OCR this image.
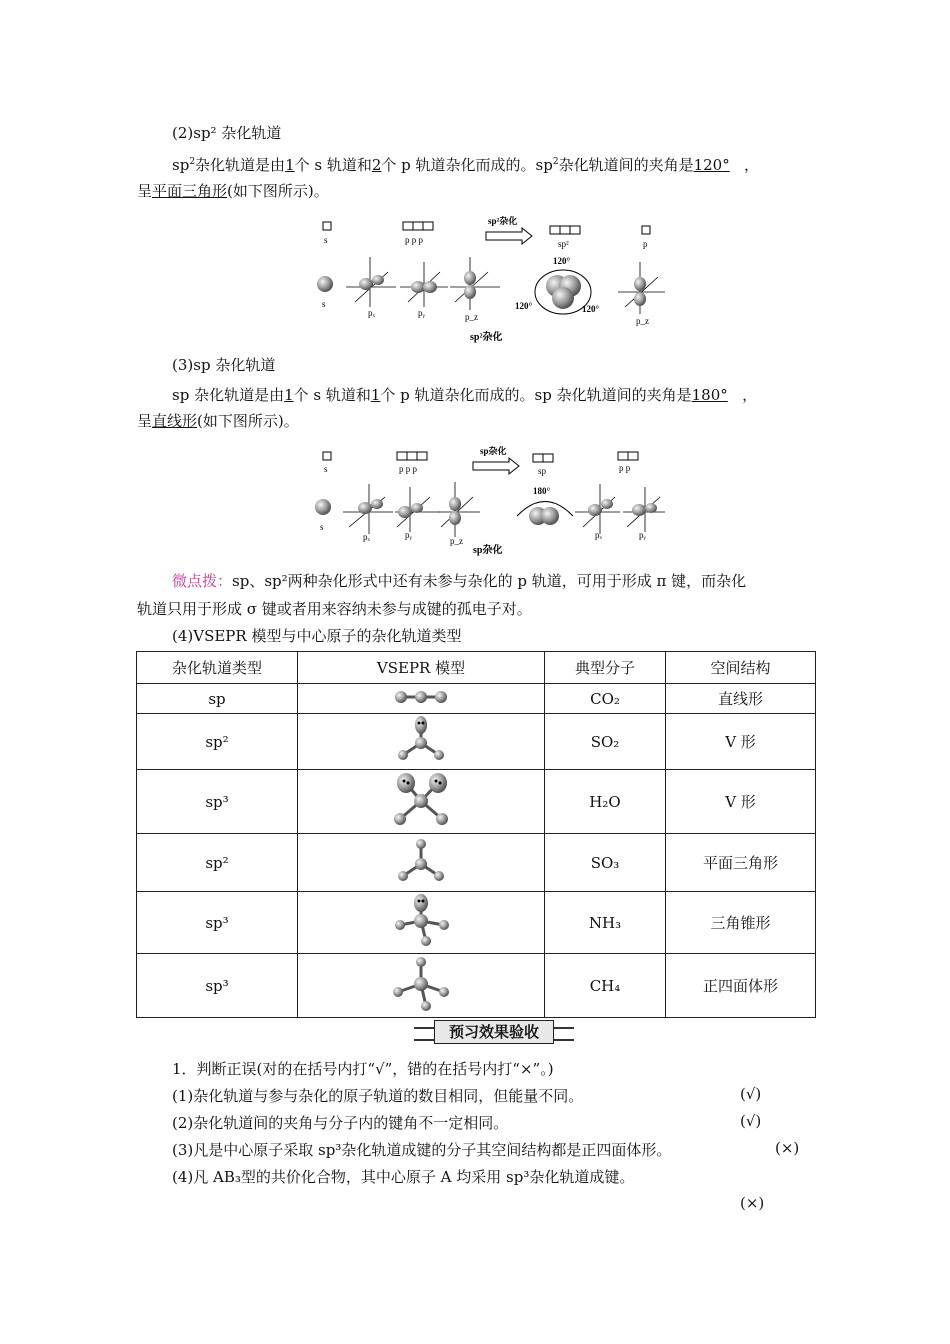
(2)sp² 杂化轨道
$sp^2$杂化轨道是由1个 s 轨道和2个 p 轨道杂化而成的。$sp^2$杂化轨道间的夹角是120° ，
呈平面三角形(如下图所示)。
s	p p p
sp²杂化
sp²	p
s
pₓ	pᵧ	p_z	p_z
120°
120°	120°
sp²杂化
(3)sp 杂化轨道
sp 杂化轨道是由1个 s 轨道和1个 p 轨道杂化而成的。sp 杂化轨道间的夹角是180° ，
呈直线形(如下图所示)。
s	p p p
sp杂化
sp	p p
s
pₓ	pᵧ
p_z
pₓ	pᵧ
180°
sp杂化
微点拨：sp、sp²两种杂化形式中还有未参与杂化的 p 轨道，可用于形成 π 键，而杂化
轨道只用于形成 σ 键或者用来容纳未参与成键的孤电子对。
(4)VSEPR 模型与中心原子的杂化轨道类型
杂化轨道类型	VSEPR 模型	典型分子	空间结构
sp		CO₂	直线形
sp²		SO₂	V 形
sp³		H₂O	V 形
sp²		SO₃	平面三角形
sp³		NH₃	三角锥形
sp³		CH₄	正四面体形
预习效果验收
1．判断正误(对的在括号内打“√”，错的在括号内打“×”。)
(1)杂化轨道与参与杂化的原子轨道的数目相同，但能量不同。	(√)
(2)杂化轨道间的夹角与分子内的键角不一定相同。	(√)
(3)凡是中心原子采取 sp³杂化轨道成键的分子其空间结构都是正四面体形。	(×)
(4)凡 AB₃型的共价化合物，其中心原子 A 均采用 sp³杂化轨道成键。
(×)
